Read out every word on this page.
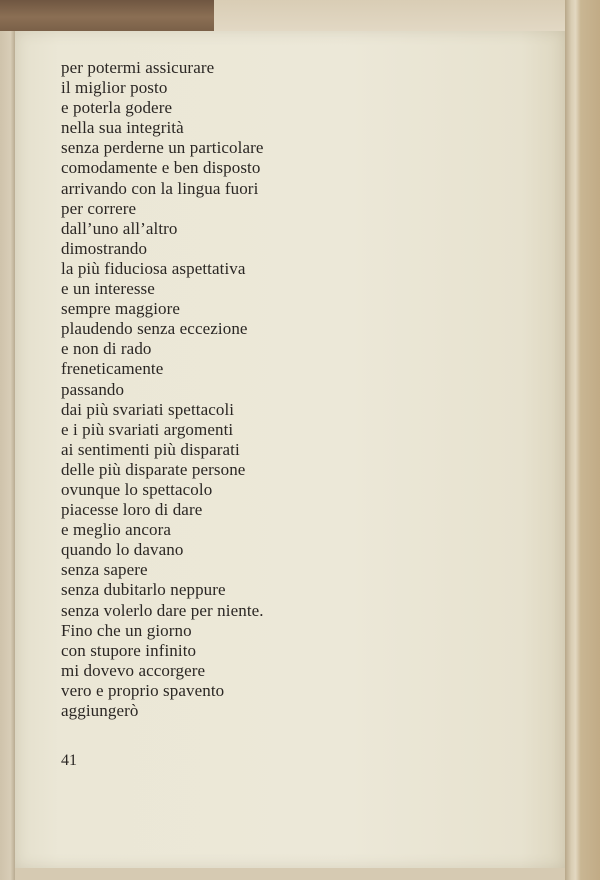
per potermi assicurare
il miglior posto
e poterla godere
nella sua integrità
senza perderne un particolare
comodamente e ben disposto
arrivando con la lingua fuori
per correre
dall’uno all’altro
dimostrando
la più fiduciosa aspettativa
e un interesse
sempre maggiore
plaudendo senza eccezione
e non di rado
freneticamente
passando
dai più svariati spettacoli
e i più svariati argomenti
ai sentimenti più disparati
delle più disparate persone
ovunque lo spettacolo
piacesse loro di dare
e meglio ancora
quando lo davano
senza sapere
senza dubitarlo neppure
senza volerlo dare per niente.
Fino che un giorno
con stupore infinito
mi dovevo accorgere
vero e proprio spavento
aggiungerò
41
